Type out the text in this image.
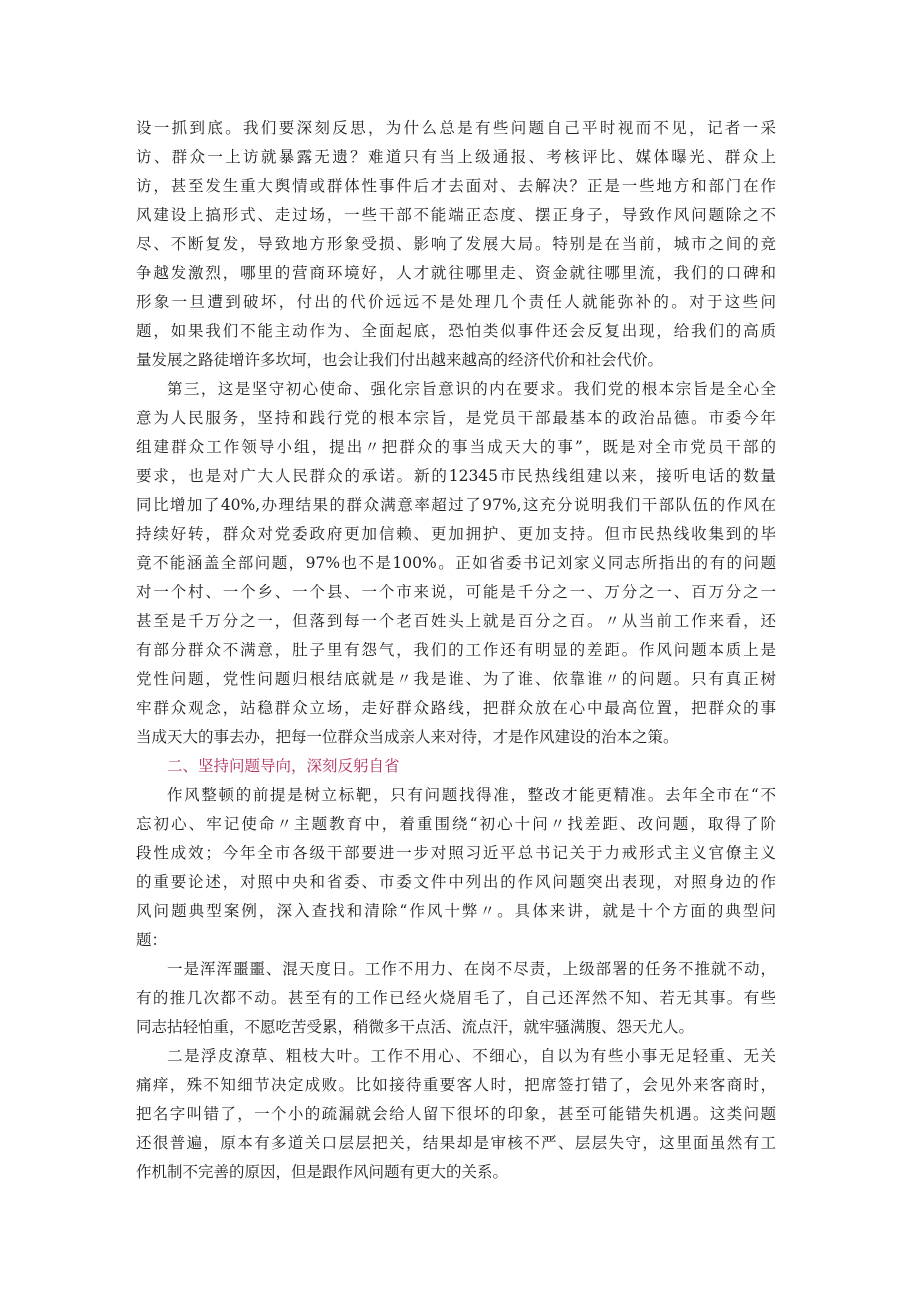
设一抓到底。我们要深刻反思，为什么总是有些问题自己平时视而不见，记者一采
访、群众一上访就暴露无遗？难道只有当上级通报、考核评比、媒体曝光、群众上
访，甚至发生重大舆情或群体性事件后才去面对、去解决？正是一些地方和部门在作
风建设上搞形式、走过场，一些干部不能端正态度、摆正身子，导致作风问题除之不
尽、不断复发，导致地方形象受损、影响了发展大局。特别是在当前，城市之间的竞
争越发激烈，哪里的营商环境好，人才就往哪里走、资金就往哪里流，我们的口碑和
形象一旦遭到破坏，付出的代价远远不是处理几个责任人就能弥补的。对于这些问
题，如果我们不能主动作为、全面起底，恐怕类似事件还会反复出现，给我们的高质
量发展之路徒增许多坎坷，也会让我们付出越来越高的经济代价和社会代价。
第三，这是坚守初心使命、强化宗旨意识的内在要求。我们党的根本宗旨是全心全
意为人民服务，坚持和践行党的根本宗旨，是党员干部最基本的政治品德。市委今年
组建群众工作领导小组，提出〃把群众的事当成天大的事”，既是对全市党员干部的
要求，也是对广大人民群众的承诺。新的12345市民热线组建以来，接听电话的数量
同比增加了40%,办理结果的群众满意率超过了97%,这充分说明我们干部队伍的作风在
持续好转，群众对党委政府更加信赖、更加拥护、更加支持。但市民热线收集到的毕
竟不能涵盖全部问题，97%也不是100%。正如省委书记刘家义同志所指出的有的问题
对一个村、一个乡、一个县、一个市来说，可能是千分之一、万分之一、百万分之一
甚至是千万分之一，但落到每一个老百姓头上就是百分之百。〃从当前工作来看，还
有部分群众不满意，肚子里有怨气，我们的工作还有明显的差距。作风问题本质上是
党性问题，党性问题归根结底就是〃我是谁、为了谁、依靠谁〃的问题。只有真正树
牢群众观念，站稳群众立场，走好群众路线，把群众放在心中最高位置，把群众的事
当成天大的事去办，把每一位群众当成亲人来对待，才是作风建设的治本之策。
二、坚持问题导向，深刻反躬自省
作风整顿的前提是树立标靶，只有问题找得准，整改才能更精准。去年全市在“不
忘初心、牢记使命〃主题教育中，着重围绕“初心十问〃找差距、改问题，取得了阶
段性成效；今年全市各级干部要进一步对照习近平总书记关于力戒形式主义官僚主义
的重要论述，对照中央和省委、市委文件中列出的作风问题突出表现，对照身边的作
风问题典型案例，深入查找和清除“作风十弊〃。具体来讲，就是十个方面的典型问
题：
一是浑浑噩噩、混天度日。工作不用力、在岗不尽责，上级部署的任务不推就不动，
有的推几次都不动。甚至有的工作已经火烧眉毛了，自己还浑然不知、若无其事。有些
同志拈轻怕重，不愿吃苦受累，稍微多干点活、流点汗，就牢骚满腹、怨天尤人。
二是浮皮潦草、粗枝大叶。工作不用心、不细心，自以为有些小事无足轻重、无关
痛痒，殊不知细节决定成败。比如接待重要客人时，把席签打错了，会见外来客商时，
把名字叫错了，一个小的疏漏就会给人留下很坏的印象，甚至可能错失机遇。这类问题
还很普遍，原本有多道关口层层把关，结果却是审核不严、层层失守，这里面虽然有工
作机制不完善的原因，但是跟作风问题有更大的关系。
